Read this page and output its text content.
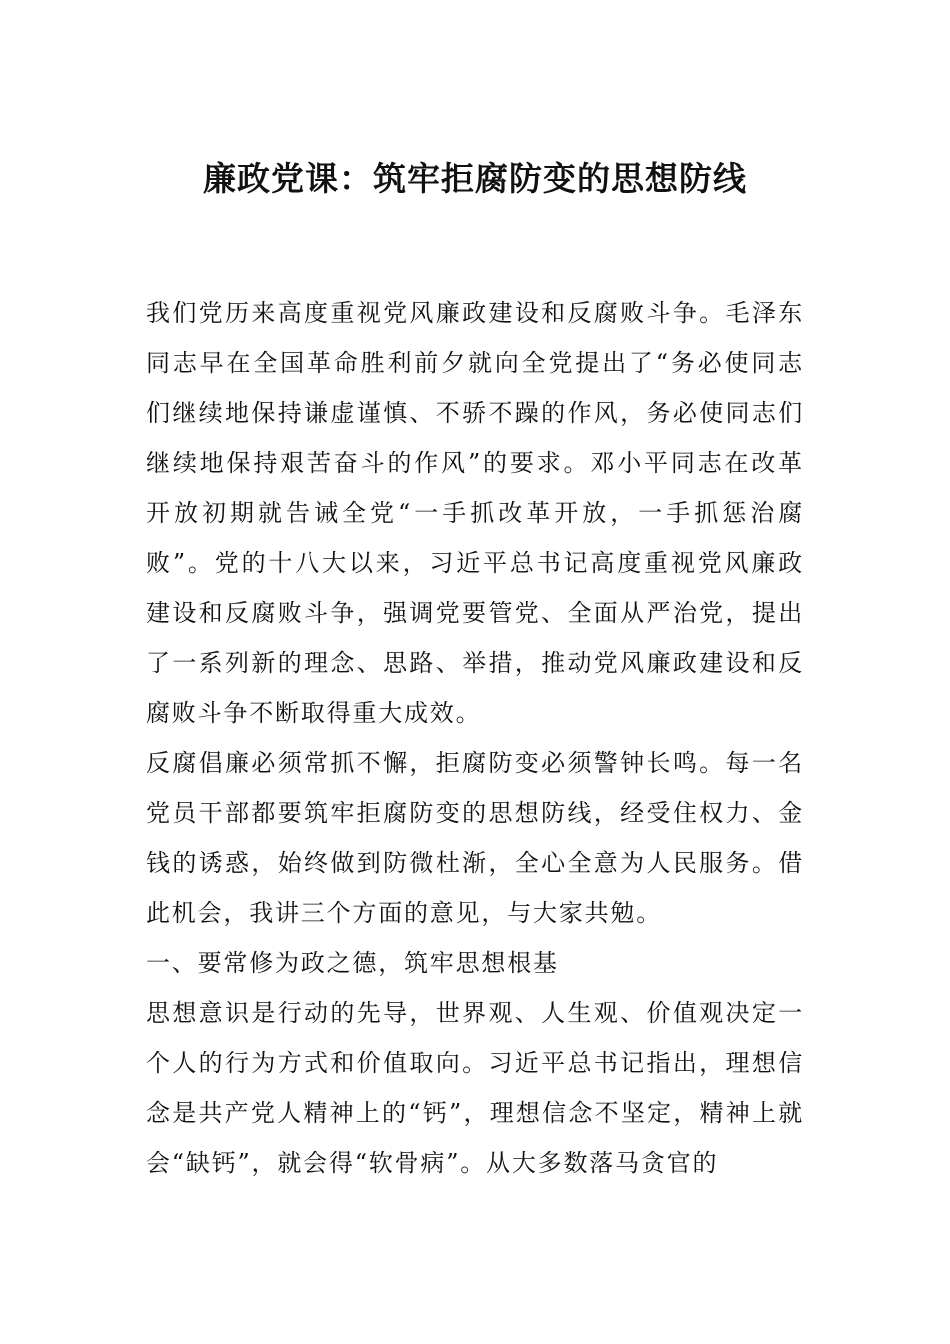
廉政党课：筑牢拒腐防变的思想防线

我们党历来高度重视党风廉政建设和反腐败斗争。毛泽东同志早在全国革命胜利前夕就向全党提出了“务必使同志们继续地保持谦虚谨慎、不骄不躁的作风，务必使同志们继续地保持艰苦奋斗的作风”的要求。邓小平同志在改革开放初期就告诫全党“一手抓改革开放，一手抓惩治腐败”。党的十八大以来，习近平总书记高度重视党风廉政建设和反腐败斗争，强调党要管党、全面从严治党，提出了一系列新的理念、思路、举措，推动党风廉政建设和反腐败斗争不断取得重大成效。

反腐倡廉必须常抓不懈，拒腐防变必须警钟长鸣。每一名党员干部都要筑牢拒腐防变的思想防线，经受住权力、金钱的诱惑，始终做到防微杜渐，全心全意为人民服务。借此机会，我讲三个方面的意见，与大家共勉。

一、要常修为政之德，筑牢思想根基

思想意识是行动的先导，世界观、人生观、价值观决定一个人的行为方式和价值取向。习近平总书记指出，理想信念是共产党人精神上的“钙”，理想信念不坚定，精神上就会“缺钙”，就会得“软骨病”。从大多数落马贪官的
